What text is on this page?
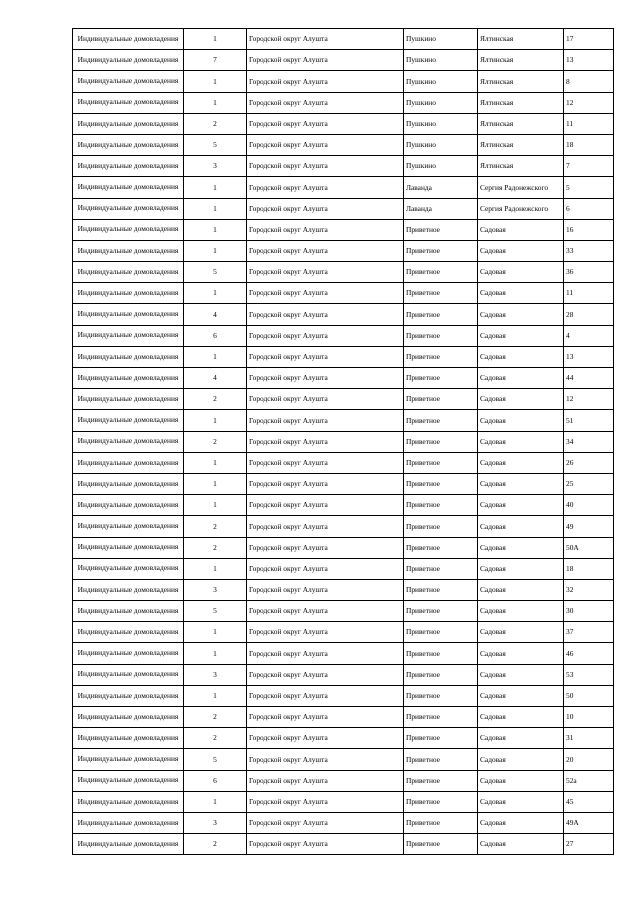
Индивидуальные домовладения	1	Городской округ Алушта	Пушкино	Ялтинская	17
Индивидуальные домовладения	7	Городской округ Алушта	Пушкино	Ялтинская	13
Индивидуальные домовладения	1	Городской округ Алушта	Пушкино	Ялтинская	8
Индивидуальные домовладения	1	Городской округ Алушта	Пушкино	Ялтинская	12
Индивидуальные домовладения	2	Городской округ Алушта	Пушкино	Ялтинская	11
Индивидуальные домовладения	5	Городской округ Алушта	Пушкино	Ялтинская	18
Индивидуальные домовладения	3	Городской округ Алушта	Пушкино	Ялтинская	7
Индивидуальные домовладения	1	Городской округ Алушта	Лаванда	Сергия Радонежского	5
Индивидуальные домовладения	1	Городской округ Алушта	Лаванда	Сергия Радонежского	6
Индивидуальные домовладения	1	Городской округ Алушта	Приветное	Садовая	16
Индивидуальные домовладения	1	Городской округ Алушта	Приветное	Садовая	33
Индивидуальные домовладения	5	Городской округ Алушта	Приветное	Садовая	36
Индивидуальные домовладения	1	Городской округ Алушта	Приветное	Садовая	11
Индивидуальные домовладения	4	Городской округ Алушта	Приветное	Садовая	28
Индивидуальные домовладения	6	Городской округ Алушта	Приветное	Садовая	4
Индивидуальные домовладения	1	Городской округ Алушта	Приветное	Садовая	13
Индивидуальные домовладения	4	Городской округ Алушта	Приветное	Садовая	44
Индивидуальные домовладения	2	Городской округ Алушта	Приветное	Садовая	12
Индивидуальные домовладения	1	Городской округ Алушта	Приветное	Садовая	51
Индивидуальные домовладения	2	Городской округ Алушта	Приветное	Садовая	34
Индивидуальные домовладения	1	Городской округ Алушта	Приветное	Садовая	26
Индивидуальные домовладения	1	Городской округ Алушта	Приветное	Садовая	25
Индивидуальные домовладения	1	Городской округ Алушта	Приветное	Садовая	40
Индивидуальные домовладения	2	Городской округ Алушта	Приветное	Садовая	49
Индивидуальные домовладения	2	Городской округ Алушта	Приветное	Садовая	50А
Индивидуальные домовладения	1	Городской округ Алушта	Приветное	Садовая	18
Индивидуальные домовладения	3	Городской округ Алушта	Приветное	Садовая	32
Индивидуальные домовладения	5	Городской округ Алушта	Приветное	Садовая	30
Индивидуальные домовладения	1	Городской округ Алушта	Приветное	Садовая	37
Индивидуальные домовладения	1	Городской округ Алушта	Приветное	Садовая	46
Индивидуальные домовладения	3	Городской округ Алушта	Приветное	Садовая	53
Индивидуальные домовладения	1	Городской округ Алушта	Приветное	Садовая	50
Индивидуальные домовладения	2	Городской округ Алушта	Приветное	Садовая	10
Индивидуальные домовладения	2	Городской округ Алушта	Приветное	Садовая	31
Индивидуальные домовладения	5	Городской округ Алушта	Приветное	Садовая	20
Индивидуальные домовладения	6	Городской округ Алушта	Приветное	Садовая	52а
Индивидуальные домовладения	1	Городской округ Алушта	Приветное	Садовая	45
Индивидуальные домовладения	3	Городской округ Алушта	Приветное	Садовая	49А
Индивидуальные домовладения	2	Городской округ Алушта	Приветное	Садовая	27
